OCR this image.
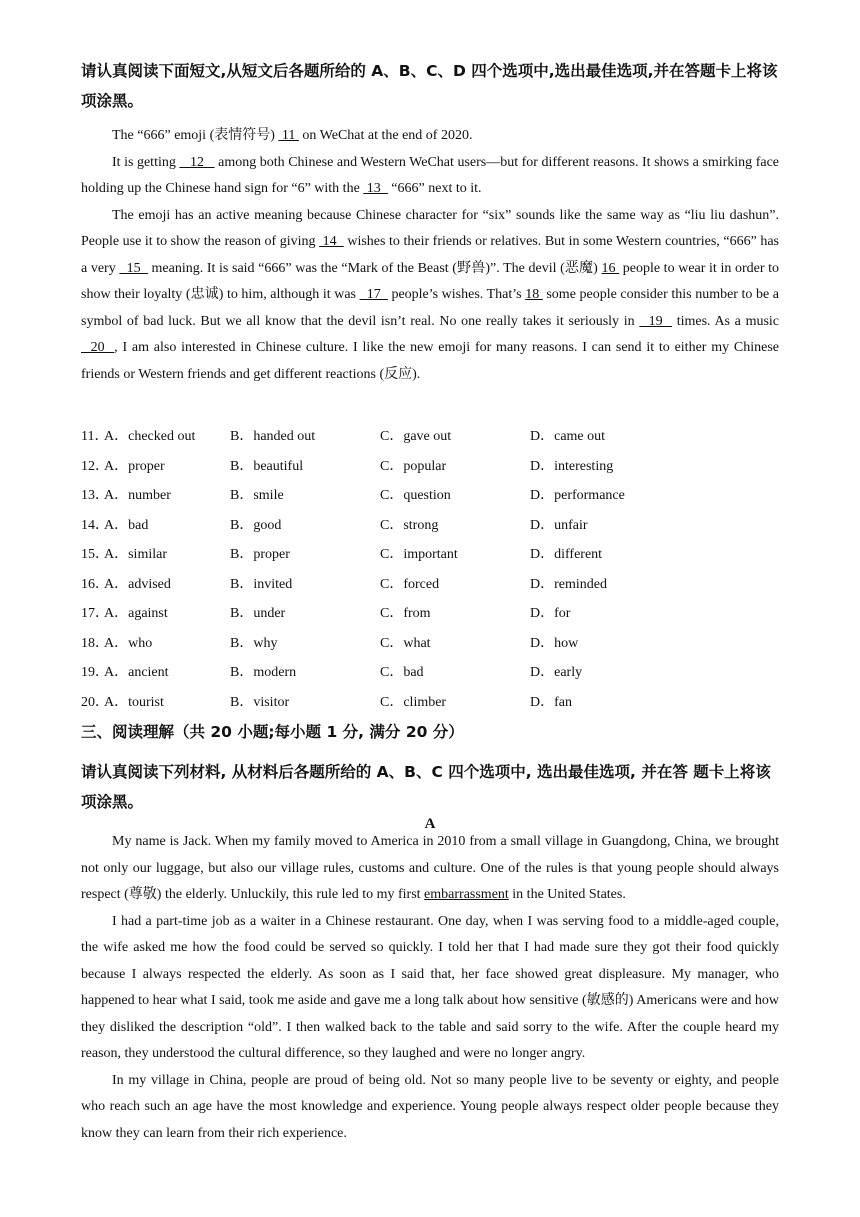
请认真阅读下面短文,从短文后各题所给的 A、B、C、D 四个选项中,选出最佳选项,并在答题卡上将该项涂黑。

The “666” emoji (表情符号)  11  on WeChat at the end of 2020.

It is getting    12    among both Chinese and Western WeChat users—but for different reasons. It shows a smirking face holding up the Chinese hand sign for “6” with the  13   “666” next to it.

The emoji has an active meaning because Chinese character for “six” sounds like the same way as “liu liu dashun”. People use it to show the reason of giving  14   wishes to their friends or relatives. But in some Western countries, “666” has a very   15   meaning. It is said “666” was the “Mark of the Beast (野兽)”. The devil (恶魔) 16  people to wear it in order to show their loyalty (忠诚) to him, although it was   17   people’s wishes. That’s 18  some people consider this number to be a symbol of bad luck. But we all know that the devil isn’t real. No one really takes it seriously in   19   times. As a music   20  , I am also interested in Chinese culture. I like the new emoji for many reasons. I can send it to either my Chinese friends or Western friends and get different reactions (反应).

11．
A．checked out B．handed out	C．gave out	D．came out
12．
A．proper	B．beautiful	C．popular	D．interesting
13．
A．number	B．smile	C．question	D．performance
14．
A．bad	B．good	C．strong	D．unfair
15．
A．similar	B．proper	C．important	D．different
16．
A．advised	B．invited	C．forced	D．reminded
17．
A．against	B．under	C．from	D．for
18．
A．who	B．why	C．what	D．how
19．
A．ancient	B．modern	C．bad	D．early
20．
A．tourist	B．visitor	C．climber	D．fan

三、阅读理解（共 20 小题;每小题 1 分, 满分 20 分）

请认真阅读下列材料, 从材料后各题所给的 A、B、C 四个选项中, 选出最佳选项, 并在答 题卡上将该项涂黑。

A

My name is Jack. When my family moved to America in 2010 from a small village in Guangdong, China, we brought not only our luggage, but also our village rules, customs and culture. One of the rules is that young people should always respect (尊敬) the elderly. Unluckily, this rule led to my first embarrassment in the United States.

I had a part-time job as a waiter in a Chinese restaurant. One day, when I was serving food to a middle-aged couple, the wife asked me how the food could be served so quickly. I told her that I had made sure they got their food quickly because I always respected the elderly. As soon as I said that, her face showed great displeasure. My manager, who happened to hear what I said, took me aside and gave me a long talk about how sensitive (敏感的) Americans were and how they disliked the description “old”. I then walked back to the table and said sorry to the wife. After the couple heard my reason, they understood the cultural difference, so they laughed and were no longer angry.

In my village in China, people are proud of being old. Not so many people live to be seventy or eighty, and people who reach such an age have the most knowledge and experience. Young people always respect older people because they know they can learn from their rich experience.
